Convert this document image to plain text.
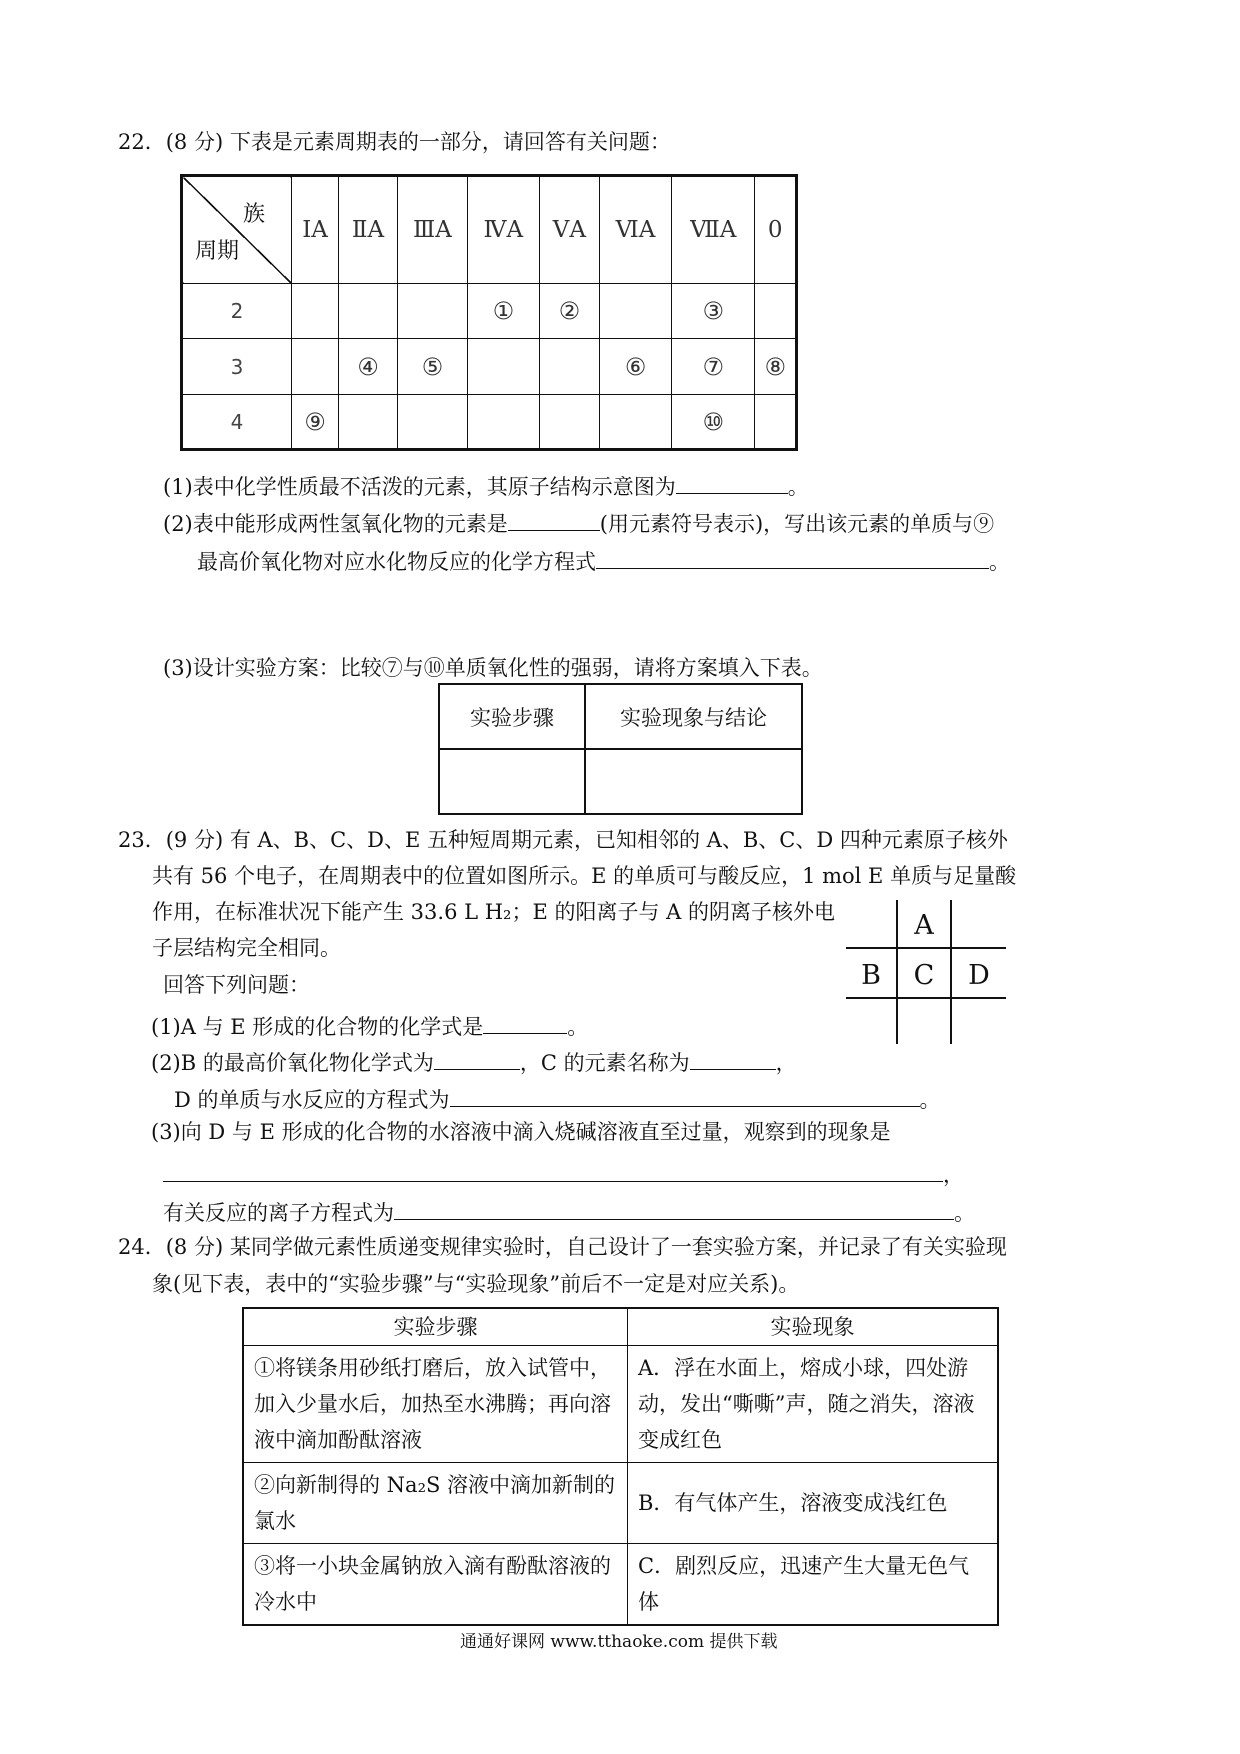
22．(8 分) 下表是元素周期表的一部分，请回答有关问题：
族
周期	ⅠA	ⅡA	ⅢA	ⅣA	ⅤA	ⅥA	ⅦA	0
2				①	②		③	
3		④	⑤			⑥	⑦	⑧
4	⑨						⑩	
(1)表中化学性质最不活泼的元素，其原子结构示意图为	。
(2)表中能形成两性氢氧化物的元素是	(用元素符号表示)，写出该元素的单质与⑨
最高价氧化物对应水化物反应的化学方程式	。
(3)设计实验方案：比较⑦与⑩单质氧化性的强弱，请将方案填入下表。
实验步骤	实验现象与结论

23．(9 分) 有 A、B、C、D、E 五种短周期元素，已知相邻的 A、B、C、D 四种元素原子核外
共有 56 个电子，在周期表中的位置如图所示。E 的单质可与酸反应，1 mol E 单质与足量酸
作用，在标准状况下能产生 33.6 L H₂；E 的阳离子与 A 的阴离子核外电
子层结构完全相同。
回答下列问题：
A
B	C	D
(1)A 与 E 形成的化合物的化学式是	。
(2)B 的最高价氧化物化学式为	，C 的元素名称为	，
D 的单质与水反应的方程式为	。
(3)向 D 与 E 形成的化合物的水溶液中滴入烧碱溶液直至过量，观察到的现象是
，
有关反应的离子方程式为	。
24．(8 分) 某同学做元素性质递变规律实验时，自己设计了一套实验方案，并记录了有关实验现
象(见下表，表中的“实验步骤”与“实验现象”前后不一定是对应关系)。
实验步骤	实验现象
①将镁条用砂纸打磨后，放入试管中，加入少量水后，加热至水沸腾；再向溶液中滴加酚酞溶液	A．浮在水面上，熔成小球，四处游动，发出“嘶嘶”声，随之消失，溶液变成红色
②向新制得的 Na₂S 溶液中滴加新制的氯水	B．有气体产生，溶液变成浅红色
③将一小块金属钠放入滴有酚酞溶液的冷水中	C．剧烈反应，迅速产生大量无色气体
通通好课网 www.tthaoke.com 提供下载
